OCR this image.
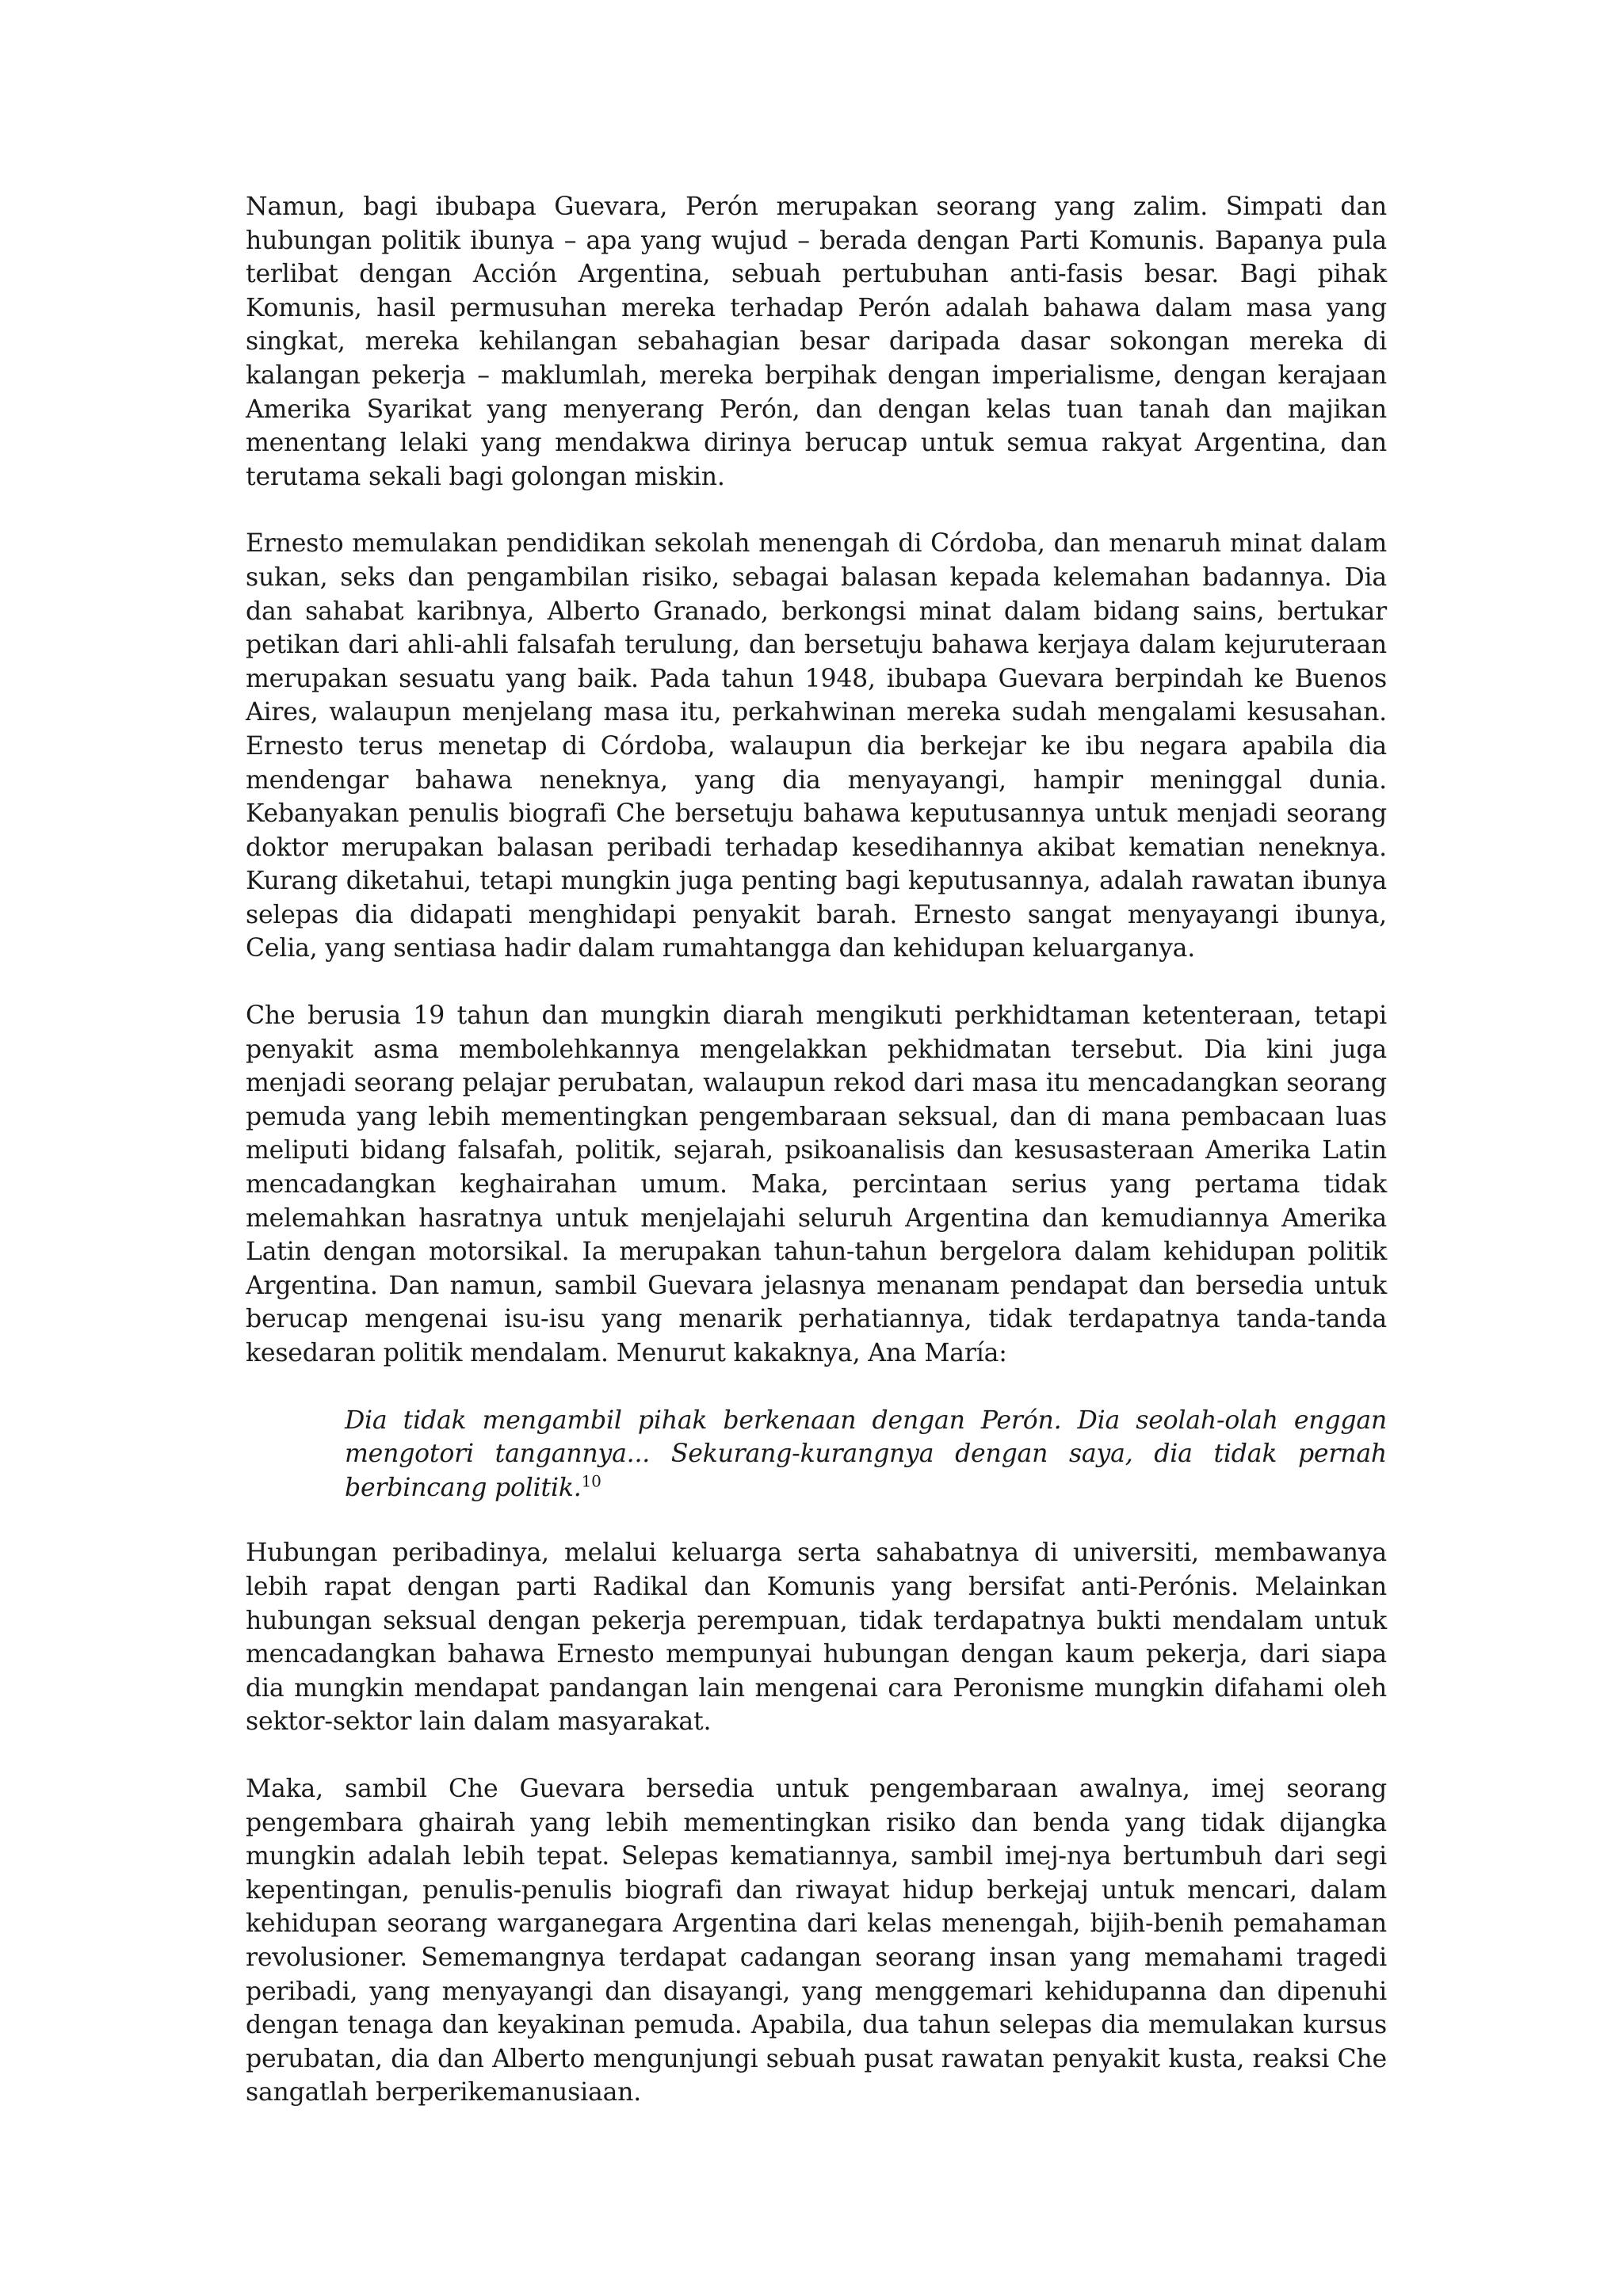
Namun, bagi ibubapa Guevara, Perón merupakan seorang yang zalim. Simpati dan hubungan politik ibunya – apa yang wujud – berada dengan Parti Komunis. Bapanya pula terlibat dengan Acción Argentina, sebuah pertubuhan anti-fasis besar. Bagi pihak Komunis, hasil permusuhan mereka terhadap Perón adalah bahawa dalam masa yang singkat, mereka kehilangan sebahagian besar daripada dasar sokongan mereka di kalangan pekerja – maklumlah, mereka berpihak dengan imperialisme, dengan kerajaan Amerika Syarikat yang menyerang Perón, dan dengan kelas tuan tanah dan majikan menentang lelaki yang mendakwa dirinya berucap untuk semua rakyat Argentina, dan terutama sekali bagi golongan miskin.

Ernesto memulakan pendidikan sekolah menengah di Córdoba, dan menaruh minat dalam sukan, seks dan pengambilan risiko, sebagai balasan kepada kelemahan badannya. Dia dan sahabat karibnya, Alberto Granado, berkongsi minat dalam bidang sains, bertukar petikan dari ahli-ahli falsafah terulung, dan bersetuju bahawa kerjaya dalam kejuruteraan merupakan sesuatu yang baik. Pada tahun 1948, ibubapa Guevara berpindah ke Buenos Aires, walaupun menjelang masa itu, perkahwinan mereka sudah mengalami kesusahan. Ernesto terus menetap di Córdoba, walaupun dia berkejar ke ibu negara apabila dia mendengar bahawa neneknya, yang dia menyayangi, hampir meninggal dunia. Kebanyakan penulis biografi Che bersetuju bahawa keputusannya untuk menjadi seorang doktor merupakan balasan peribadi terhadap kesedihannya akibat kematian neneknya. Kurang diketahui, tetapi mungkin juga penting bagi keputusannya, adalah rawatan ibunya selepas dia didapati menghidapi penyakit barah. Ernesto sangat menyayangi ibunya, Celia, yang sentiasa hadir dalam rumahtangga dan kehidupan keluarganya.

Che berusia 19 tahun dan mungkin diarah mengikuti perkhidtaman ketenteraan, tetapi penyakit asma membolehkannya mengelakkan pekhidmatan tersebut. Dia kini juga menjadi seorang pelajar perubatan, walaupun rekod dari masa itu mencadangkan seorang pemuda yang lebih mementingkan pengembaraan seksual, dan di mana pembacaan luas meliputi bidang falsafah, politik, sejarah, psikoanalisis dan kesusasteraan Amerika Latin mencadangkan keghairahan umum. Maka, percintaan serius yang pertama tidak melemahkan hasratnya untuk menjelajahi seluruh Argentina dan kemudiannya Amerika Latin dengan motorsikal. Ia merupakan tahun-tahun bergelora dalam kehidupan politik Argentina. Dan namun, sambil Guevara jelasnya menanam pendapat dan bersedia untuk berucap mengenai isu-isu yang menarik perhatiannya, tidak terdapatnya tanda-tanda kesedaran politik mendalam. Menurut kakaknya, Ana María:

Dia tidak mengambil pihak berkenaan dengan Perón. Dia seolah-olah enggan mengotori tangannya... Sekurang-kurangnya dengan saya, dia tidak pernah berbincang politik.$^{10}$

Hubungan peribadinya, melalui keluarga serta sahabatnya di universiti, membawanya lebih rapat dengan parti Radikal dan Komunis yang bersifat anti-Perónis. Melainkan hubungan seksual dengan pekerja perempuan, tidak terdapatnya bukti mendalam untuk mencadangkan bahawa Ernesto mempunyai hubungan dengan kaum pekerja, dari siapa dia mungkin mendapat pandangan lain mengenai cara Peronisme mungkin difahami oleh sektor-sektor lain dalam masyarakat.

Maka, sambil Che Guevara bersedia untuk pengembaraan awalnya, imej seorang pengembara ghairah yang lebih mementingkan risiko dan benda yang tidak dijangka mungkin adalah lebih tepat. Selepas kematiannya, sambil imej-nya bertumbuh dari segi kepentingan, penulis-penulis biografi dan riwayat hidup berkejaj untuk mencari, dalam kehidupan seorang warganegara Argentina dari kelas menengah, bijih-benih pemahaman revolusioner. Sememangnya terdapat cadangan seorang insan yang memahami tragedi peribadi, yang menyayangi dan disayangi, yang menggemari kehidupanna dan dipenuhi dengan tenaga dan keyakinan pemuda. Apabila, dua tahun selepas dia memulakan kursus perubatan, dia dan Alberto mengunjungi sebuah pusat rawatan penyakit kusta, reaksi Che sangatlah berperikemanusiaan.
